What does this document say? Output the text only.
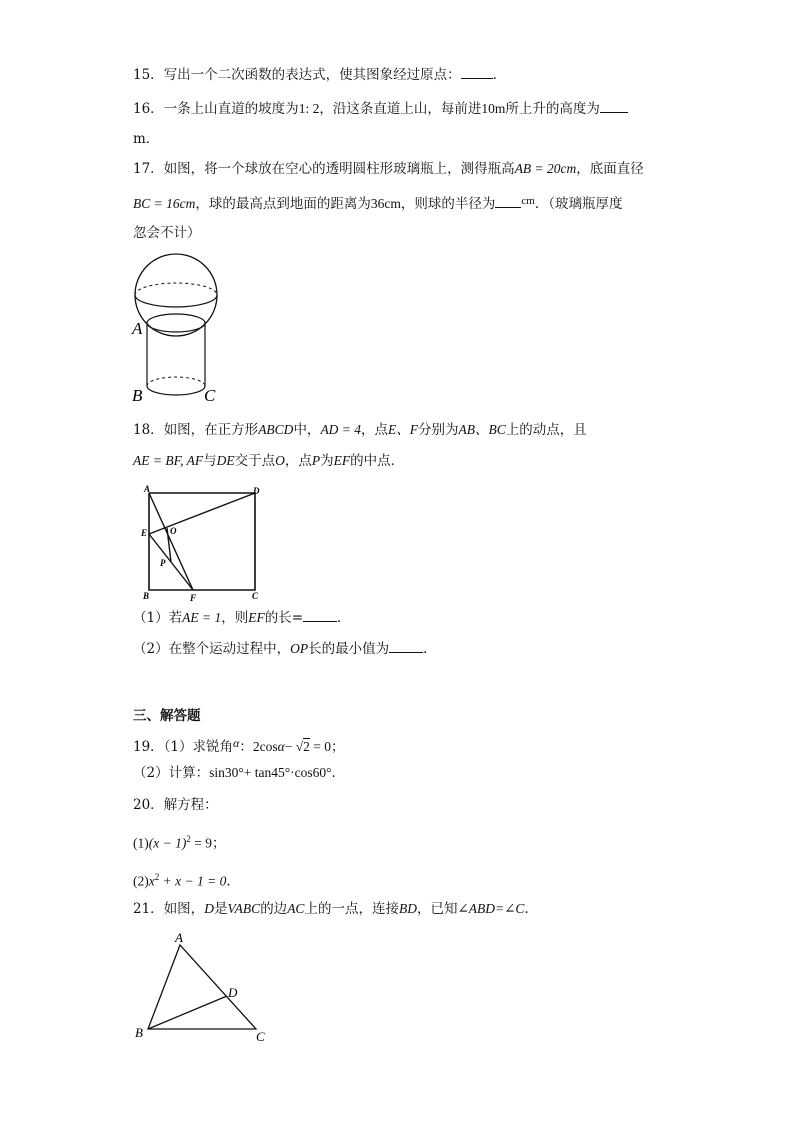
15．写出一个二次函数的表达式，使其图象经过原点： ．
16．一条上山直道的坡度为1: 2，沿这条直道上山，每前进10m所上升的高度为
m．
17．如图，将一个球放在空心的透明圆柱形玻璃瓶上，测得瓶高AB = 20cm，底面直径
BC = 16cm，球的最高点到地面的距离为36cm，则球的半径为 $^{cm}$．（玻璃瓶厚度
忽会不计）
A
B	C
18．如图，在正方形ABCD中，AD = 4，点E、F分别为AB、BC上的动点，且
AE = BF, AF与DE交于点O，点P为EF的中点．
A	D
E	O
P
B	F	C
（1）若AE = 1，则EF的长=	．
（2）在整个运动过程中，OP长的最小值为	．
三、解答题
19．（1）求锐角α：2cosα− √2 = 0；
（2）计算：sin30°+ tan45°·cos60°．
20．解方程：
$(1)(x - 1)^2 = 9$；
$(2)x^2 + x - 1 = 0$．
21．如图，D是VABC的边AC上的一点，连接BD，已知∠ABD=∠C．
A
B	C
D
